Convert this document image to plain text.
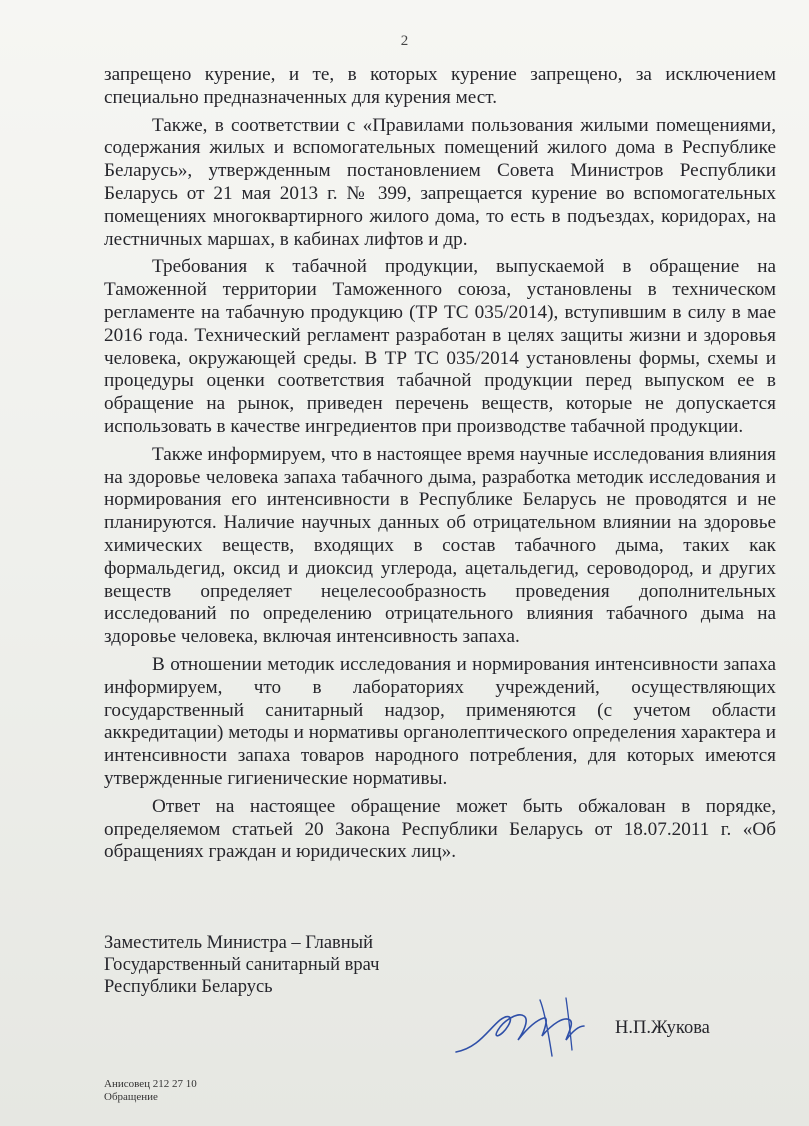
2

запрещено курение, и те, в которых курение запрещено, за исключением специально предназначенных для курения мест.

Также, в соответствии с «Правилами пользования жилыми помещениями, содержания жилых и вспомогательных помещений жилого дома в Республике Беларусь», утвержденным постановлением Совета Министров Республики Беларусь от 21 мая 2013 г. № 399, запрещается курение во вспомогательных помещениях многоквартирного жилого дома, то есть в подъездах, коридорах, на лестничных маршах, в кабинах лифтов и др.

Требования к табачной продукции, выпускаемой в обращение на Таможенной территории Таможенного союза, установлены в техническом регламенте на табачную продукцию (ТР ТС 035/2014), вступившим в силу в мае 2016 года. Технический регламент разработан в целях защиты жизни и здоровья человека, окружающей среды. В ТР ТС 035/2014 установлены формы, схемы и процедуры оценки соответствия табачной продукции перед выпуском ее в обращение на рынок, приведен перечень веществ, которые не допускается использовать в качестве ингредиентов при производстве табачной продукции.

Также информируем, что в настоящее время научные исследования влияния на здоровье человека запаха табачного дыма, разработка методик исследования и нормирования его интенсивности в Республике Беларусь не проводятся и не планируются. Наличие научных данных об отрицательном влиянии на здоровье химических веществ, входящих в состав табачного дыма, таких как формальдегид, оксид и диоксид углерода, ацетальдегид, сероводород, и других веществ определяет нецелесообразность проведения дополнительных исследований по определению отрицательного влияния табачного дыма на здоровье человека, включая интенсивность запаха.

В отношении методик исследования и нормирования интенсивности запаха информируем, что в лабораториях учреждений, осуществляющих государственный санитарный надзор, применяются (с учетом области аккредитации) методы и нормативы органолептического определения характера и интенсивности запаха товаров народного потребления, для которых имеются утвержденные гигиенические нормативы.

Ответ на настоящее обращение может быть обжалован в порядке, определяемом статьей 20 Закона Республики Беларусь от 18.07.2011 г. «Об обращениях граждан и юридических лиц».

Заместитель Министра – Главный
Государственный санитарный врач
Республики Беларусь
Н.П.Жукова
Анисовец 212 27 10
Обращение
